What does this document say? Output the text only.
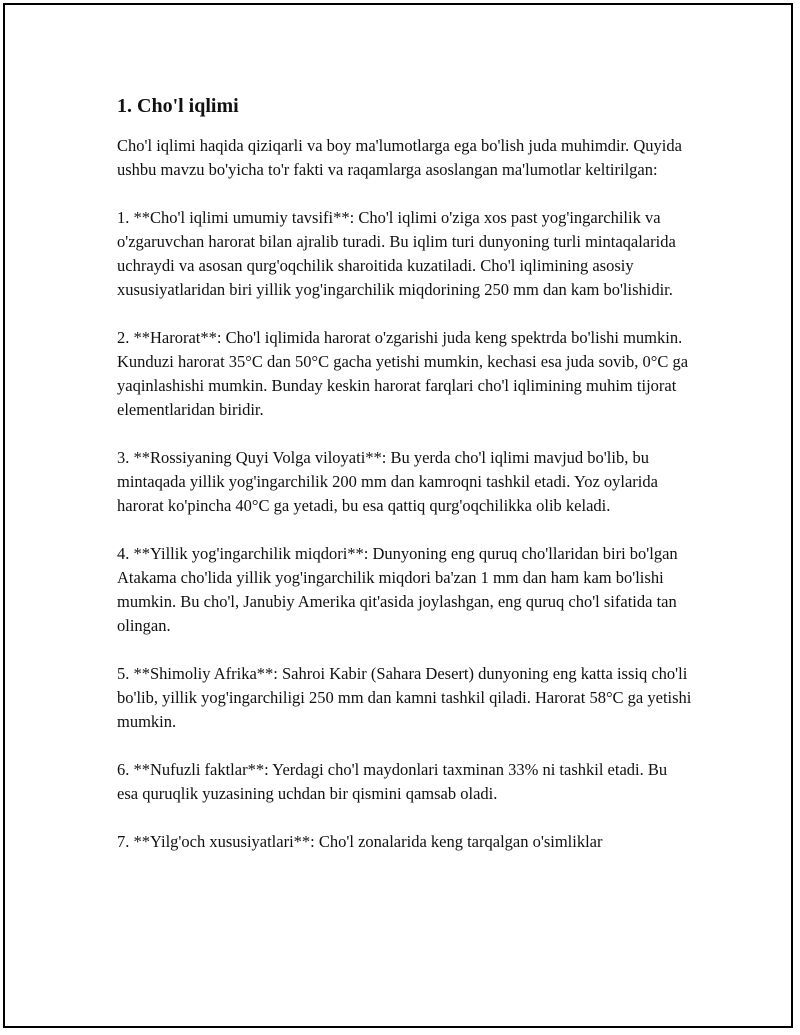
1. Cho'l iqlimi

Cho'l iqlimi haqida qiziqarli va boy ma'lumotlarga ega bo'lish juda muhimdir. Quyida ushbu mavzu bo'yicha to'r fakti va raqamlarga asoslangan ma'lumotlar keltirilgan:

1. **Cho'l iqlimi umumiy tavsifi**: Cho'l iqlimi o'ziga xos past yog'ingarchilik va o'zgaruvchan harorat bilan ajralib turadi. Bu iqlim turi dunyoning turli mintaqalarida uchraydi va asosan qurg'oqchilik sharoitida kuzatiladi. Cho'l iqlimining asosiy xususiyatlaridan biri yillik yog'ingarchilik miqdorining 250 mm dan kam bo'lishidir.

2. **Harorat**: Cho'l iqlimida harorat o'zgarishi juda keng spektrda bo'lishi mumkin. Kunduzi harorat 35°C dan 50°C gacha yetishi mumkin, kechasi esa juda sovib, 0°C ga yaqinlashishi mumkin. Bunday keskin harorat farqlari cho'l iqlimining muhim tijorat elementlaridan biridir.

3. **Rossiyaning Quyi Volga viloyati**: Bu yerda cho'l iqlimi mavjud bo'lib, bu mintaqada yillik yog'ingarchilik 200 mm dan kamroqni tashkil etadi. Yoz oylarida harorat ko'pincha 40°C ga yetadi, bu esa qattiq qurg'oqchilikka olib keladi.

4. **Yillik yog'ingarchilik miqdori**: Dunyoning eng quruq cho'llaridan biri bo'lgan Atakama cho'lida yillik yog'ingarchilik miqdori ba'zan 1 mm dan ham kam bo'lishi mumkin. Bu cho'l, Janubiy Amerika qit'asida joylashgan, eng quruq cho'l sifatida tan olingan.

5. **Shimoliy Afrika**: Sahroi Kabir (Sahara Desert) dunyoning eng katta issiq cho'li bo'lib, yillik yog'ingarchiligi 250 mm dan kamni tashkil qiladi. Harorat 58°C ga yetishi mumkin.

6. **Nufuzli faktlar**: Yerdagi cho'l maydonlari taxminan 33% ni tashkil etadi. Bu esa quruqlik yuzasining uchdan bir qismini qamsab oladi.

7. **Yilg'och xususiyatlari**: Cho'l zonalarida keng tarqalgan o'simliklar
